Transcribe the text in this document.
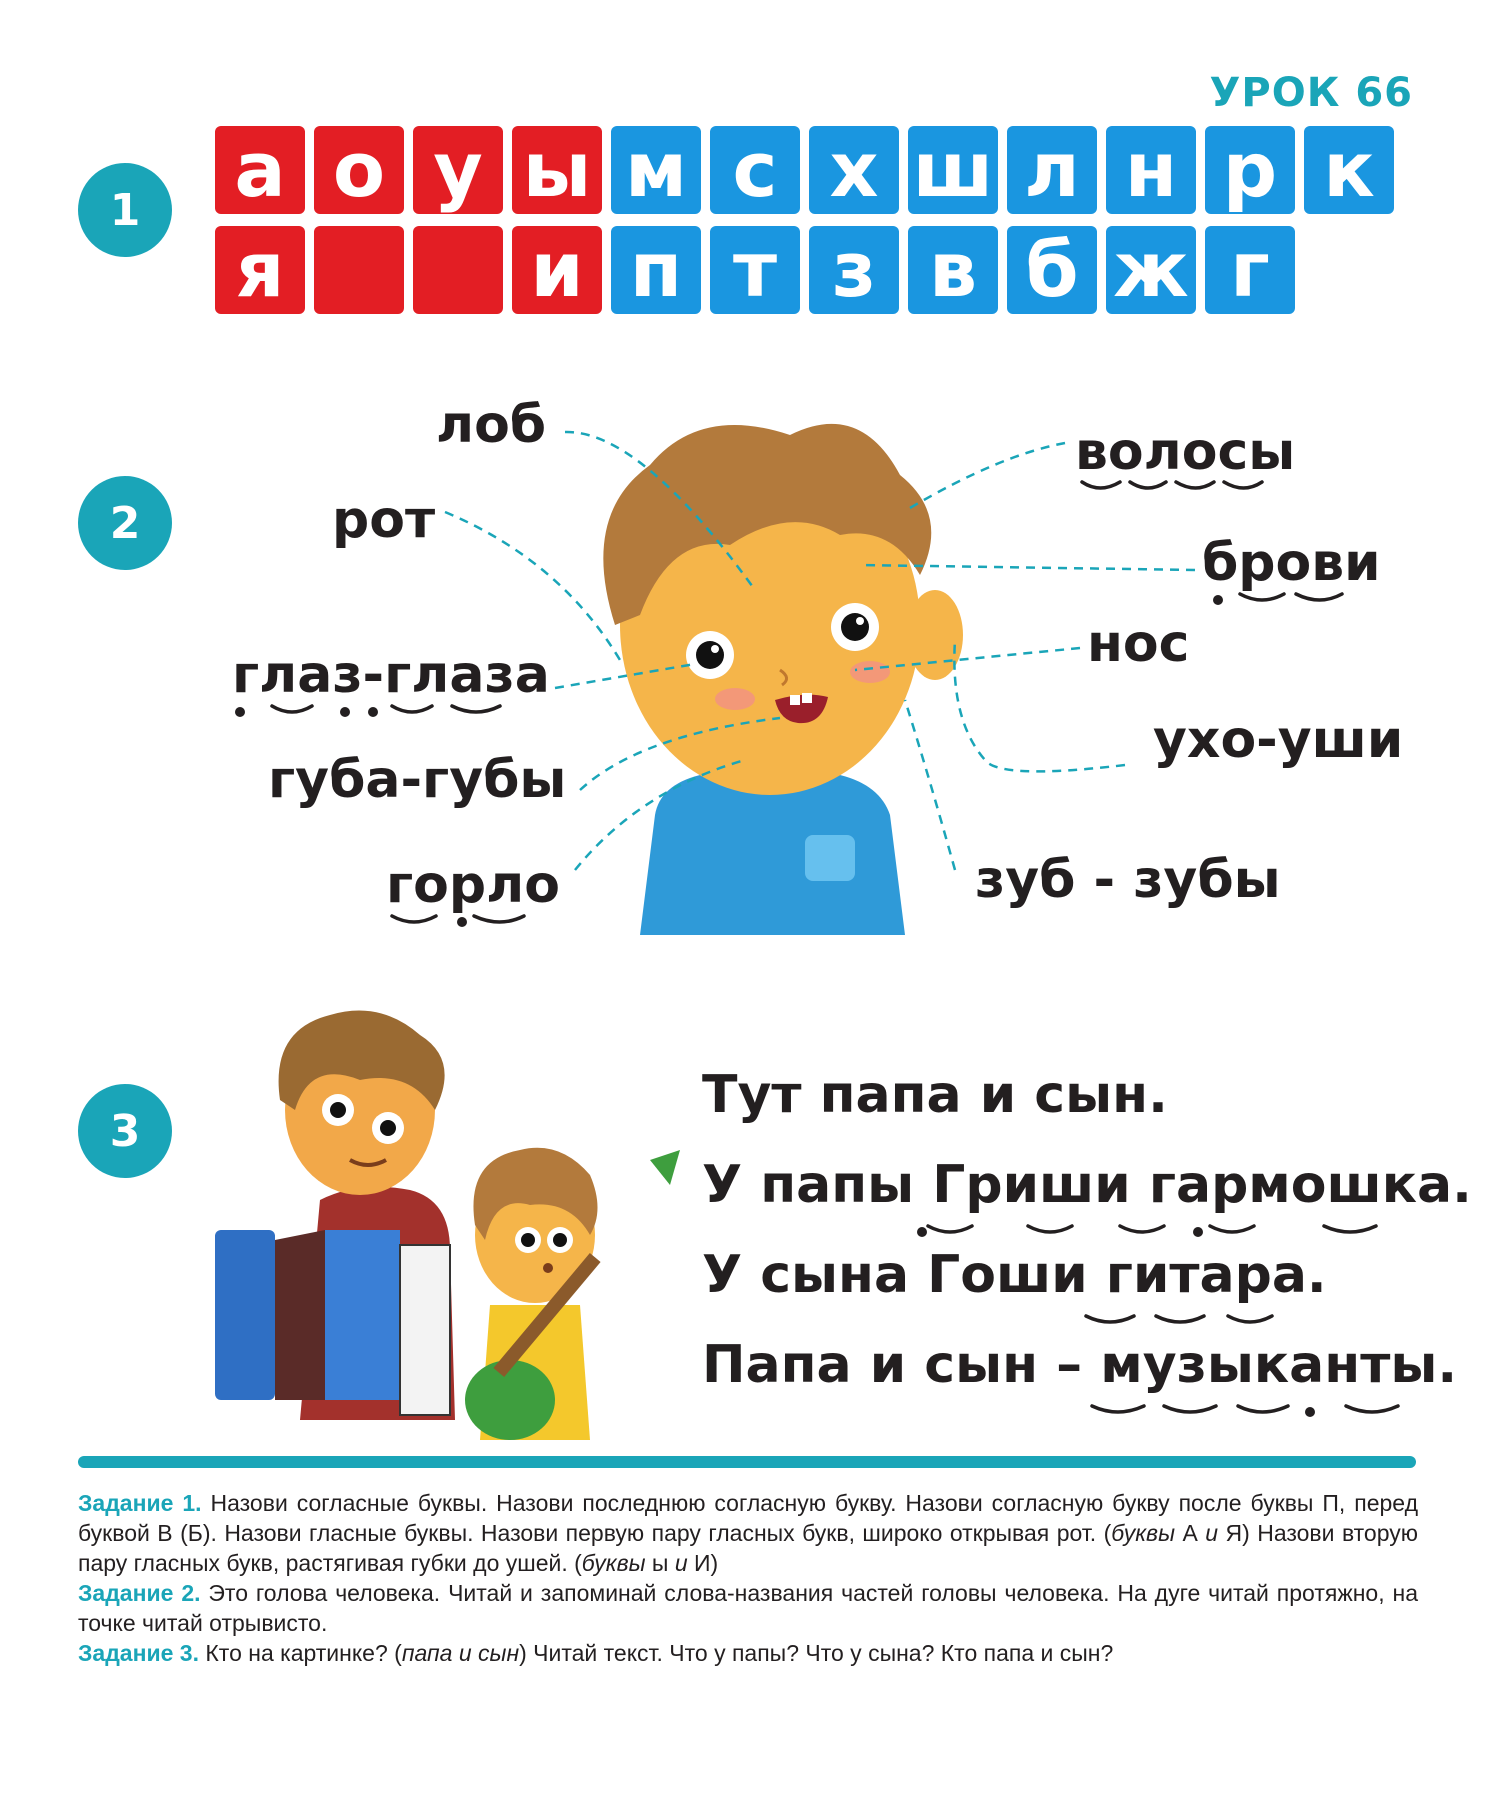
УРОК 66
1
2
3
а о у ы м с х ш л н р к
я	и п т з в б ж г
лоб
рот
глаз-глаза
губа-губы
горло
волосы
брови
нос
ухо-уши
зуб - зубы
Тут папа и сын.
У папы Гриши гармошка.
У сына Гоши гитара.
Папа и сын – музыканты.
Задание 1. Назови согласные буквы. Назови последнюю согласную букву. Назови согласную букву после буквы П, перед буквой В (Б). Назови гласные буквы. Назови первую пару гласных букв, широко открывая рот. (буквы А и Я) Назови вторую пару гласных букв, растягивая губки до ушей. (буквы ы и И)
Задание 2. Это голова человека. Читай и запоминай слова-названия частей головы человека. На дуге читай протяжно, на точке читай отрывисто.
Задание 3. Кто на картинке? (папа и сын) Читай текст. Что у папы? Что у сына? Кто папа и сын?
